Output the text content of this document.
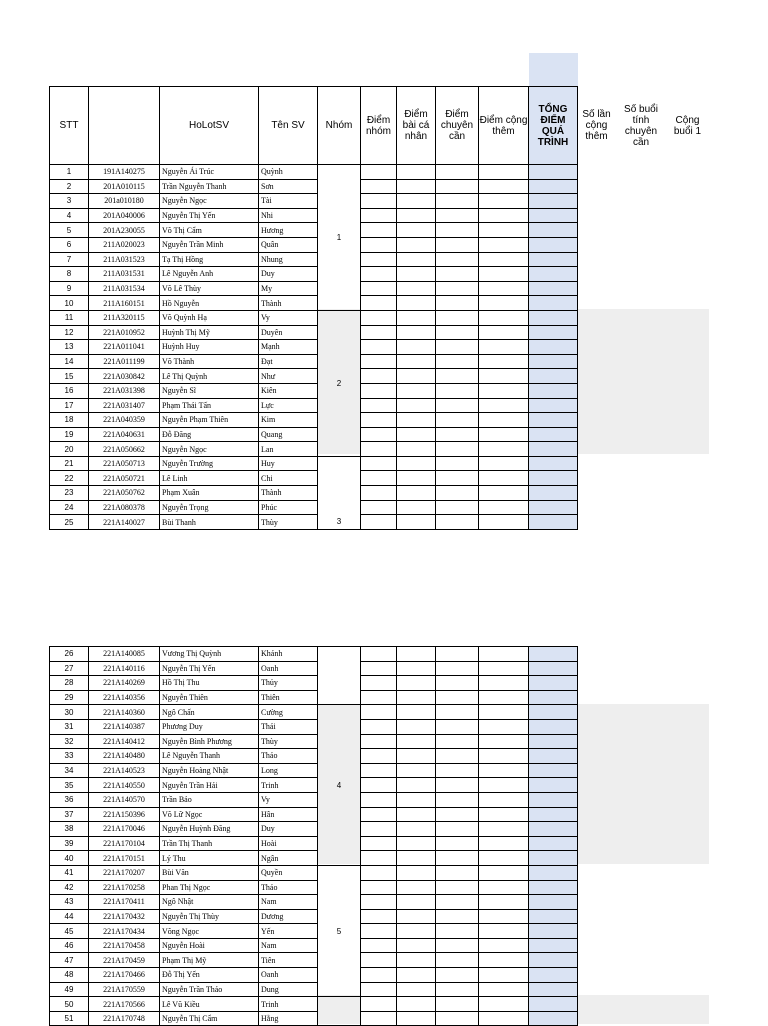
STT		HoLotSV	Tên SV	Nhóm	Điểm nhóm	Điểm bài cá nhân	Điểm chuyên cần	Điểm cộng thêm	TỔNG ĐIỂM QUÁ TRÌNH	Số lần cộng thêm	Số buổi tính chuyên cần	Cộng buổi 1
1	191A140275	Nguyễn Ái Trúc	Quỳnh	1								
2	201A010115	Trần Nguyễn Thanh	Sơn									
3	201a010180	Nguyễn Ngọc	Tài									
4	201A040006	Nguyễn Thị Yến	Nhi									
5	201A230055	Võ Thị Cẩm	Hương									
6	211A020023	Nguyễn Trần Minh	Quân									
7	211A031523	Tạ Thị Hồng	Nhung									
8	211A031531	Lê Nguyễn Anh	Duy									
9	211A031534	Võ Lê Thùy	My									
10	211A160151	Hồ Nguyễn	Thành									
11	211A320115	Võ Quỳnh Hạ	Vy	2								
12	221A010952	Huỳnh Thị Mỹ	Duyên									
13	221A011041	Huỳnh Huy	Mạnh									
14	221A011199	Võ Thành	Đạt									
15	221A030842	Lê Thị Quỳnh	Như									
16	221A031398	Nguyễn Sĩ	Kiên									
17	221A031407	Phạm Thái Tấn	Lực									
18	221A040359	Nguyễn Phạm Thiên	Kim									
19	221A040631	Đỗ Đăng	Quang									
20	221A050662	Nguyễn Ngọc	Lan									
21	221A050713	Nguyễn Trường	Huy	3								
22	221A050721	Lê Linh	Chi									
23	221A050762	Phạm Xuân	Thành									
24	221A080378	Nguyễn Trọng	Phúc									
25	221A140027	Bùi Thanh	Thùy									
26	221A140085	Vương Thị Quỳnh	Khánh						
27	221A140116	Nguyễn Thị Yến	Oanh						
28	221A140269	Hồ Thị Thu	Thủy						
29	221A140356	Nguyễn Thiên	Thiên						
30	221A140360	Ngô Chấn	Cường	4					
31	221A140387	Phương Duy	Thái						
32	221A140412	Nguyễn Bình Phương	Thùy						
33	221A140480	Lê Nguyễn Thanh	Thảo						
34	221A140523	Nguyễn Hoàng Nhật	Long						
35	221A140550	Nguyễn Trần Hải	Trinh						
36	221A140570	Trần Bảo	Vy						
37	221A150396	Võ Lữ Ngọc	Hân						
38	221A170046	Nguyễn Huỳnh Đăng	Duy						
39	221A170104	Trần Thị Thanh	Hoài						
40	221A170151	Lý Thu	Ngân						
41	221A170207	Bùi Văn	Quyền	5					
42	221A170258	Phan Thị Ngọc	Thảo						
43	221A170411	Ngô Nhật	Nam						
44	221A170432	Nguyễn Thị Thùy	Dương						
45	221A170434	Võng Ngọc	Yến						
46	221A170458	Nguyễn Hoài	Nam						
47	221A170459	Phạm Thị Mỹ	Tiên						
48	221A170466	Đỗ Thị Yến	Oanh						
49	221A170559	Nguyễn Trần Thảo	Dung						
50	221A170566	Lê Vũ Kiều	Trinh						
51	221A170748	Nguyễn Thị Cẩm	Hằng						
